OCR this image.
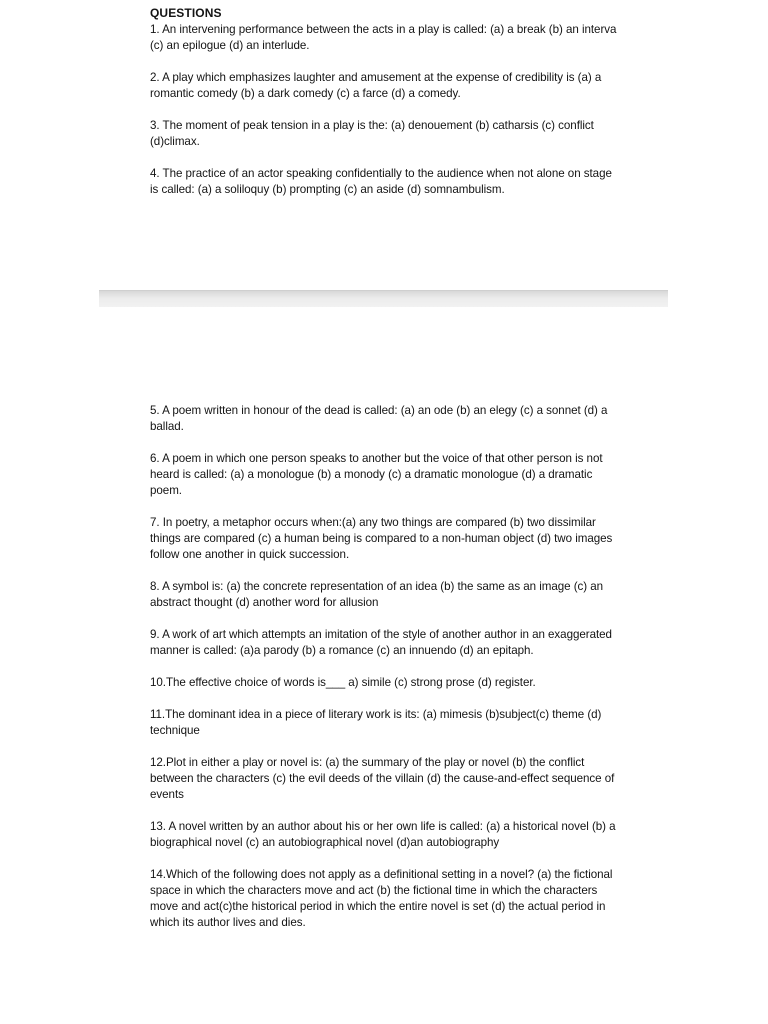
QUESTIONS
1. An intervening performance between the acts in a play is called: (a) a break (b) an interva
(c) an epilogue (d) an interlude.
2. A play which emphasizes laughter and amusement at the expense of credibility is (a) a
romantic comedy (b) a dark comedy (c) a farce (d) a comedy.
3. The moment of peak tension in a play is the: (a) denouement (b) catharsis (c) conflict
(d)climax.
4. The practice of an actor speaking confidentially to the audience when not alone on stage
is called: (a) a soliloquy (b) prompting (c) an aside (d) somnambulism.
5. A poem written in honour of the dead is called: (a) an ode (b) an elegy (c) a sonnet (d) a
ballad.
6. A poem in which one person speaks to another but the voice of that other person is not
heard is called: (a) a monologue (b) a monody (c) a dramatic monologue (d) a dramatic
poem.
7. In poetry, a metaphor occurs when:(a) any two things are compared (b) two dissimilar
things are compared (c) a human being is compared to a non-human object (d) two images
follow one another in quick succession.
8. A symbol is: (a) the concrete representation of an idea (b) the same as an image (c) an
abstract thought (d) another word for allusion
9. A work of art which attempts an imitation of the style of another author in an exaggerated
manner is called: (a)a parody (b) a romance (c) an innuendo (d) an epitaph.
10.The effective choice of words is___ a) simile (c) strong prose (d) register.
11.The dominant idea in a piece of literary work is its: (a) mimesis (b)subject(c) theme (d)
technique
12.Plot in either a play or novel is: (a) the summary of the play or novel (b) the conflict
between the characters (c) the evil deeds of the villain (d) the cause-and-effect sequence of
events
13. A novel written by an author about his or her own life is called: (a) a historical novel (b) a
biographical novel (c) an autobiographical novel (d)an autobiography
14.Which of the following does not apply as a definitional setting in a novel? (a) the fictional
space in which the characters move and act (b) the fictional time in which the characters
move and act(c)the historical period in which the entire novel is set (d) the actual period in
which its author lives and dies.
